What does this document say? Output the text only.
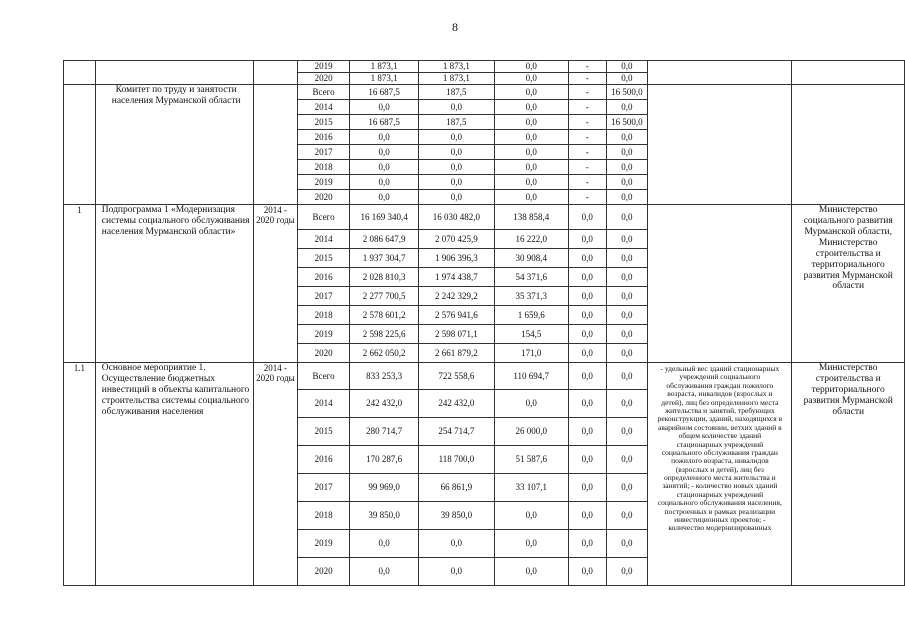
8
			2019	1 873,1	1 873,1	0,0	-	0,0		
			2020	1 873,1	1 873,1	0,0	-	0,0		
	Комитет по труду и занятости населения Мурманской области		Всего	16 687,5	187,5	0,0	-	16 500,0		
			2014	0,0	0,0	0,0	-	0,0		
			2015	16 687,5	187,5	0,0	-	16 500,0		
			2016	0,0	0,0	0,0	-	0,0		
			2017	0,0	0,0	0,0	-	0,0		
			2018	0,0	0,0	0,0	-	0,0		
			2019	0,0	0,0	0,0	-	0,0		
			2020	0,0	0,0	0,0	-	0,0		
1	Подпрограмма 1 «Модернизация системы социального обслуживания населения Мурманской области»	2014 - 2020 годы	Всего	16 169 340,4	16 030 482,0	138 858,4	0,0	0,0		Министерство социального развития Мурманской области, Министерство строительства и территориального развития Мурманской области
			2014	2 086 647,9	2 070 425,9	16 222,0	0,0	0,0		
			2015	1 937 304,7	1 906 396,3	30 908,4	0,0	0,0		
			2016	2 028 810,3	1 974 438,7	54 371,6	0,0	0,0		
			2017	2 277 700,5	2 242 329,2	35 371,3	0,0	0,0		
			2018	2 578 601,2	2 576 941,6	1 659,6	0,0	0,0		
			2019	2 598 225,6	2 598 071,1	154,5	0,0	0,0		
			2020	2 662 050,2	2 661 879,2	171,0	0,0	0,0		
1.1	Основное мероприятие 1. Осуществление бюджетных инвестиций в объекты капитального строительства системы социального обслуживания населения	2014 - 2020 годы	Всего	833 253,3	722 558,6	110 694,7	0,0	0,0	- удельный вес зданий стационарных учреждений социального обслуживания граждан пожилого возраста, инвалидов (взрослых и детей), лиц без определенного места жительства и занятий, требующих реконструкции, зданий, находящихся в аварийном состоянии, ветхих зданий в общем количестве зданий стационарных учреждений социального обслуживания граждан пожилого возраста, инвалидов (взрослых и детей), лиц без определенного места жительства и занятий; - количество новых зданий стационарных учреждений социального обслуживания населения, построенных в рамках реализации инвестиционных проектов; - количество модернизированных	Министерство строительства и территориального развития Мурманской области
			2014	242 432,0	242 432,0	0,0	0,0	0,0		
			2015	280 714,7	254 714,7	26 000,0	0,0	0,0		
			2016	170 287,6	118 700,0	51 587,6	0,0	0,0		
			2017	99 969,0	66 861,9	33 107,1	0,0	0,0		
			2018	39 850,0	39 850,0	0,0	0,0	0,0		
			2019	0,0	0,0	0,0	0,0	0,0		
			2020	0,0	0,0	0,0	0,0	0,0		
